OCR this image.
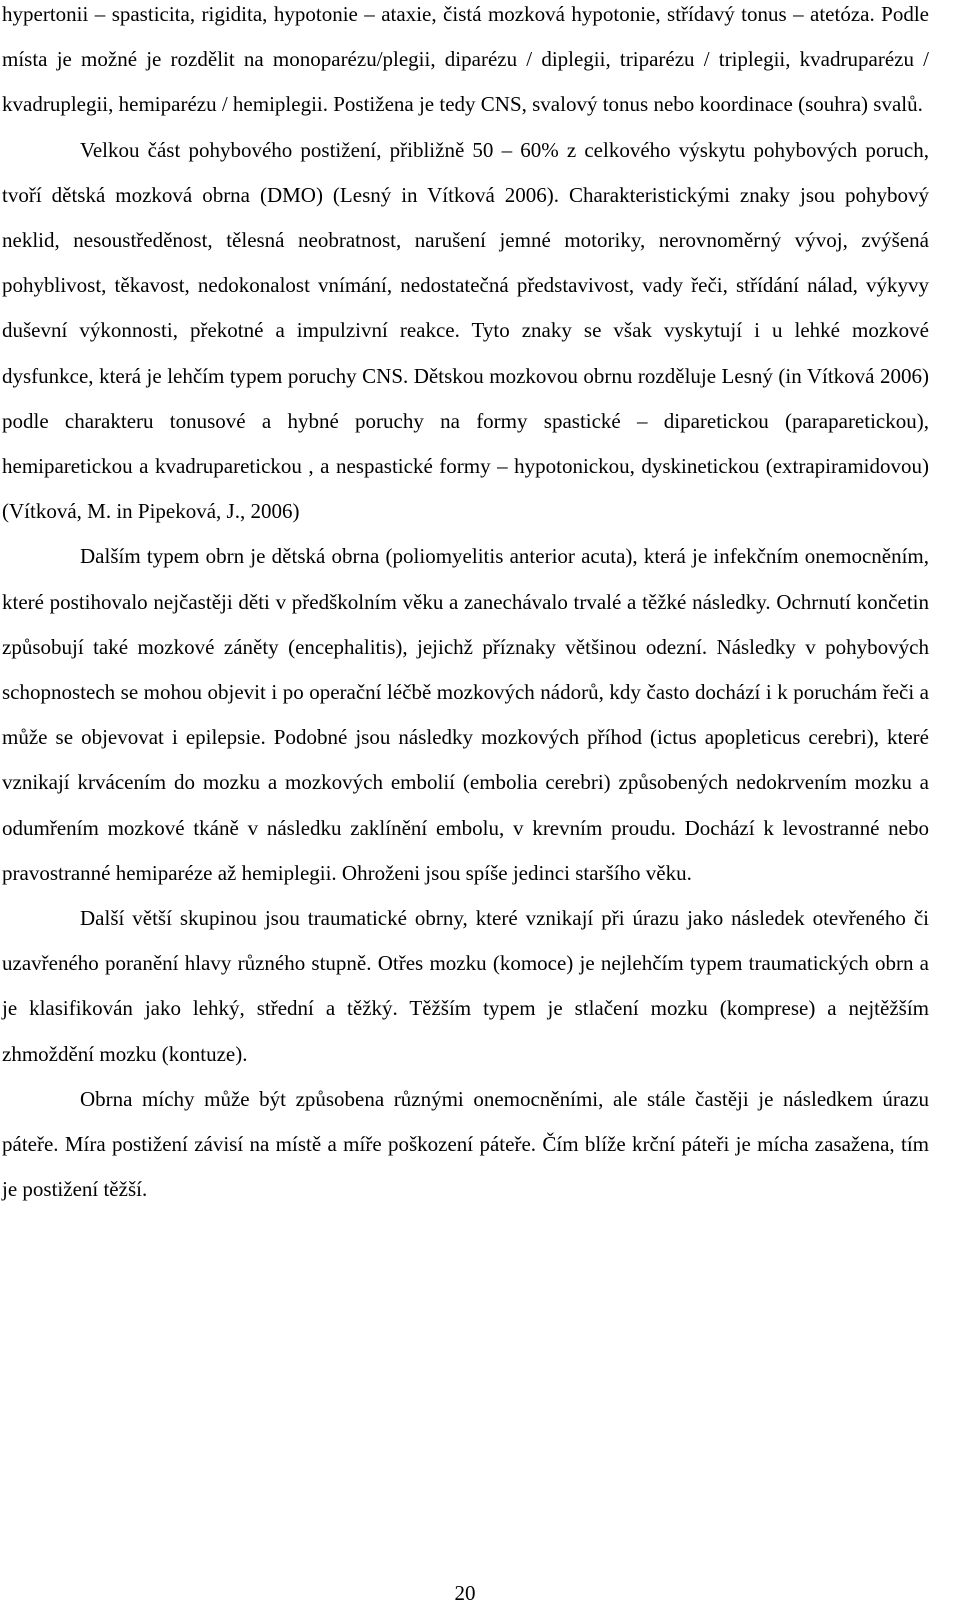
hypertonii – spasticita, rigidita, hypotonie – ataxie, čistá mozková hypotonie, střídavý tonus – atetóza. Podle místa je možné je rozdělit na monoparézu/plegii, diparézu / diplegii, triparézu / triplegii, kvadruparézu / kvadruplegii, hemiparézu / hemiplegii. Postižena je tedy CNS, svalový tonus nebo koordinace (souhra) svalů.

Velkou část pohybového postižení, přibližně 50 – 60% z celkového výskytu pohybových poruch, tvoří dětská mozková obrna (DMO) (Lesný in Vítková 2006). Charakteristickými znaky jsou pohybový neklid, nesoustředěnost, tělesná neobratnost, narušení jemné motoriky, nerovnoměrný vývoj, zvýšená pohyblivost, těkavost, nedokonalost vnímání, nedostatečná představivost, vady řeči, střídání nálad, výkyvy duševní výkonnosti, překotné a impulzivní reakce. Tyto znaky se však vyskytují i u lehké mozkové dysfunkce, která je lehčím typem poruchy CNS. Dětskou mozkovou obrnu rozděluje Lesný (in Vítková 2006) podle charakteru tonusové a hybné poruchy na formy spastické – diparetickou (paraparetickou), hemiparetickou a kvadruparetickou , a nespastické formy – hypotonickou, dyskinetickou (extrapiramidovou) (Vítková, M. in Pipeková, J., 2006)

Dalším typem obrn je dětská obrna (poliomyelitis anterior acuta), která je infekčním onemocněním, které postihovalo nejčastěji děti v předškolním věku a zanechávalo trvalé a těžké následky. Ochrnutí končetin způsobují také mozkové záněty (encephalitis), jejichž příznaky většinou odezní. Následky v pohybových schopnostech se mohou objevit i po operační léčbě mozkových nádorů, kdy často dochází i k poruchám řeči a může se objevovat i epilepsie. Podobné jsou následky mozkových příhod (ictus apopleticus cerebri), které vznikají krvácením do mozku a mozkových embolií (embolia cerebri) způsobených nedokrvením mozku a odumřením mozkové tkáně v následku zaklínění embolu, v krevním proudu. Dochází k levostranné nebo pravostranné hemiparéze až hemiplegii. Ohroženi jsou spíše jedinci staršího věku.

Další větší skupinou jsou traumatické obrny, které vznikají při úrazu jako následek otevřeného či uzavřeného poranění hlavy různého stupně. Otřes mozku (komoce) je nejlehčím typem traumatických obrn a je klasifikován jako lehký, střední a těžký. Těžším typem je stlačení mozku (komprese) a nejtěžším zhmoždění mozku (kontuze).

Obrna míchy může být způsobena různými onemocněními, ale stále častěji je následkem úrazu páteře. Míra postižení závisí na místě a míře poškození páteře. Čím blíže krční páteři je mícha zasažena, tím je postižení těžší.

20
